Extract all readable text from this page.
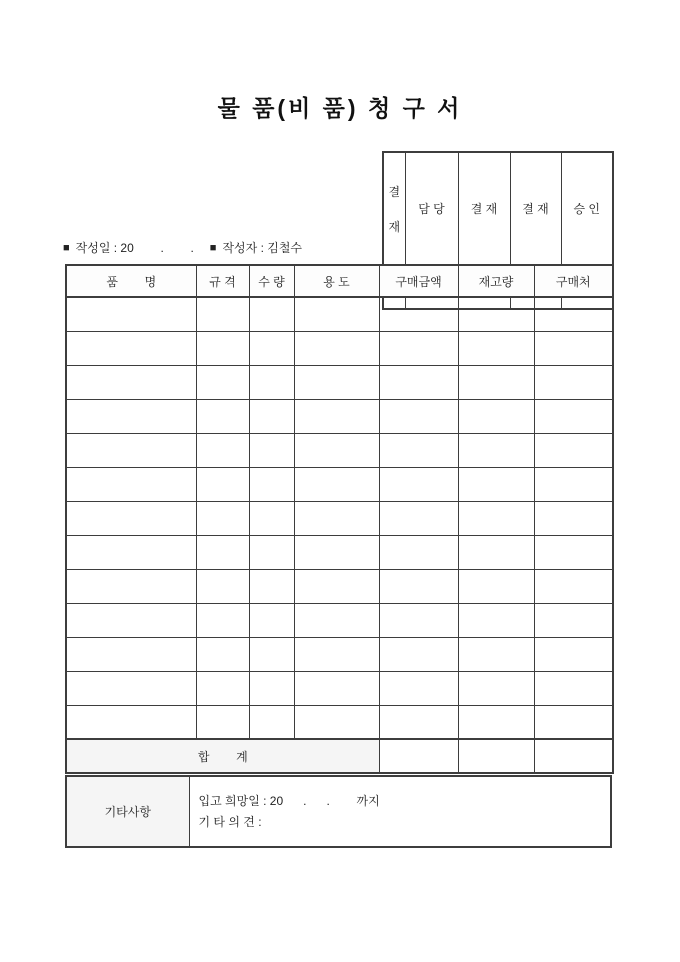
물 품(비 품) 청 구 서

결
재	담 당	결 재	결 재	승 인

■ 작성일 : 20        .        . ■ 작성자 : 김철수
품        명	규 격	수 량	용 도	구매금액	재고량	구매처

합        계						
기타사항	
입고 희망일 : 20      .      .        까지
기 타 의 견 :
